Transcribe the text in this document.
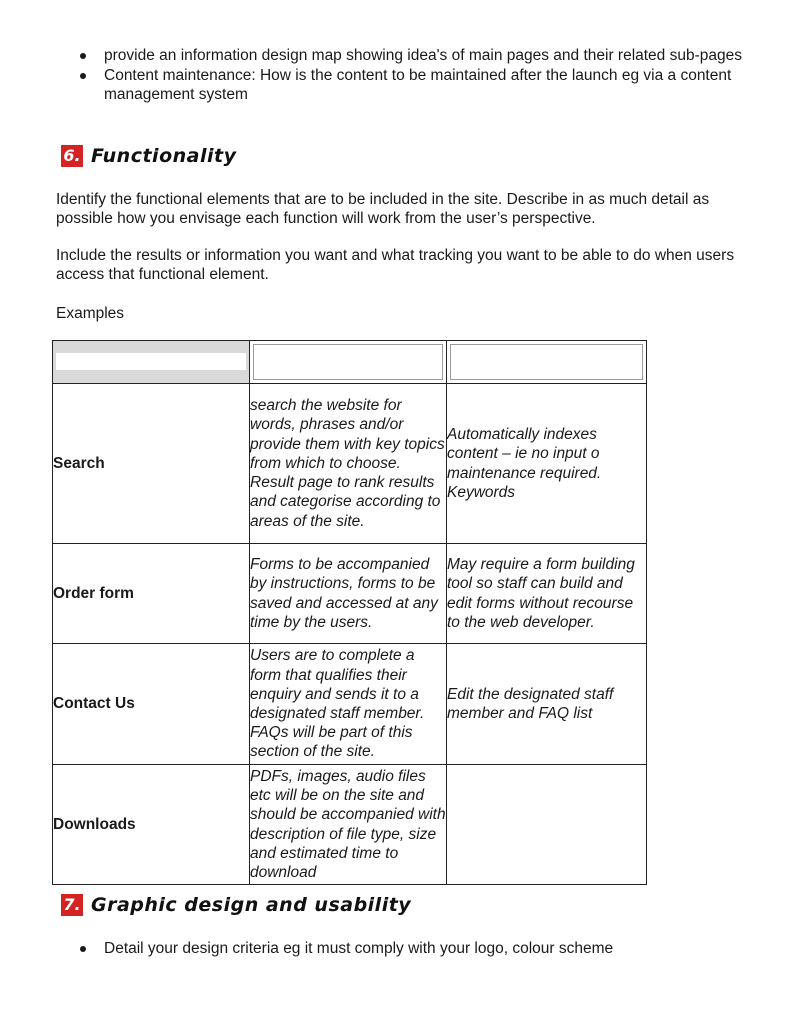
provide an information design map showing idea's of main pages and their related sub-pages
Content maintenance: How is the content to be maintained after the launch eg via a content management system
6. Functionality
Identify the functional elements that are to be included in the site. Describe in as much detail as possible how you envisage each function will work from the user’s perspective.
Include the results or information you want and what tracking you want to be able to do when users access that functional element.
Examples

Search	search the website for words, phrases and/or provide them with key topics from which to choose. Result page to rank results and categorise according to areas of the site.	Automatically indexes content – ie no input o maintenance required. Keywords
Order form	Forms to be accompanied by instructions, forms to be saved and accessed at any time by the users.	May require a form building tool so staff can build and edit forms without recourse to the web developer.
Contact Us	Users are to complete a form that qualifies their enquiry and sends it to a designated staff member. FAQs will be part of this section of the site.	Edit the designated staff member and FAQ list
Downloads	PDFs, images, audio files etc will be on the site and should be accompanied with description of file type, size and estimated time to download	
7. Graphic design and usability
Detail your design criteria eg it must comply with your logo, colour scheme
